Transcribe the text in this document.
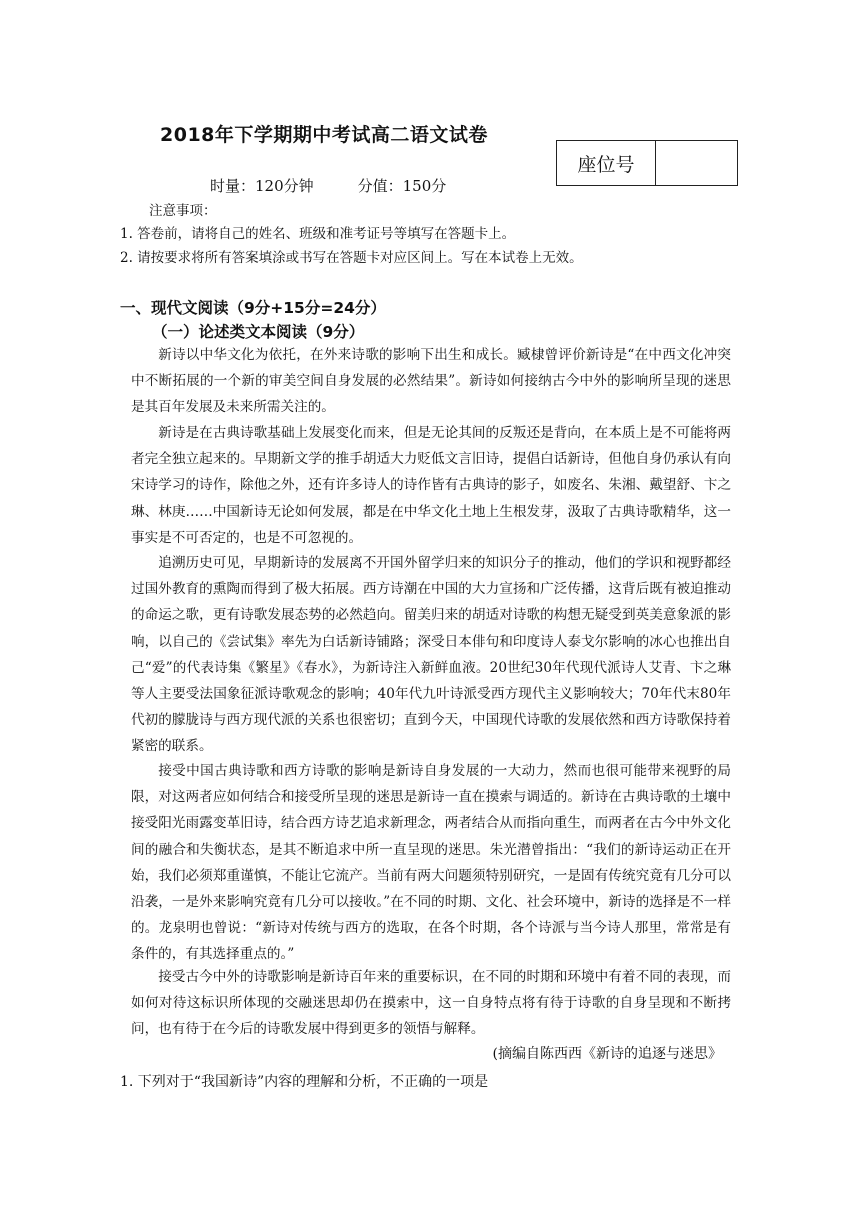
2018年下学期期中考试高二语文试卷
座位号
时量：120分钟	分值：150分
注意事项：
1. 答卷前，请将自己的姓名、班级和准考证号等填写在答题卡上。
2. 请按要求将所有答案填涂或书写在答题卡对应区间上。写在本试卷上无效。
一、现代文阅读（9分+15分=24分）
（一）论述类文本阅读（9分）

新诗以中华文化为依托，在外来诗歌的影响下出生和成长。臧棣曾评价新诗是“在中西文化冲突中不断拓展的一个新的审美空间自身发展的必然结果”。新诗如何接纳古今中外的影响所呈现的迷思是其百年发展及未来所需关注的。

新诗是在古典诗歌基础上发展变化而来，但是无论其间的反叛还是背向，在本质上是不可能将两者完全独立起来的。早期新文学的推手胡适大力贬低文言旧诗，提倡白话新诗，但他自身仍承认有向宋诗学习的诗作，除他之外，还有许多诗人的诗作皆有古典诗的影子，如废名、朱湘、戴望舒、卞之琳、林庚……中国新诗无论如何发展，都是在中华文化土地上生根发芽，汲取了古典诗歌精华，这一事实是不可否定的，也是不可忽视的。

追溯历史可见，早期新诗的发展离不开国外留学归来的知识分子的推动，他们的学识和视野都经过国外教育的熏陶而得到了极大拓展。西方诗潮在中国的大力宣扬和广泛传播，这背后既有被迫推动的命运之歌，更有诗歌发展态势的必然趋向。留美归来的胡适对诗歌的构想无疑受到英美意象派的影响，以自己的《尝试集》率先为白话新诗铺路；深受日本俳句和印度诗人泰戈尔影响的冰心也推出自己“爱”的代表诗集《繁星》《春水》，为新诗注入新鲜血液。20世纪30年代现代派诗人艾青、卞之琳等人主要受法国象征派诗歌观念的影响；40年代九叶诗派受西方现代主义影响较大；70年代末80年代初的朦胧诗与西方现代派的关系也很密切；直到今天，中国现代诗歌的发展依然和西方诗歌保持着紧密的联系。

接受中国古典诗歌和西方诗歌的影响是新诗自身发展的一大动力，然而也很可能带来视野的局限，对这两者应如何结合和接受所呈现的迷思是新诗一直在摸索与调适的。新诗在古典诗歌的土壤中接受阳光雨露变革旧诗，结合西方诗艺追求新理念，两者结合从而指向重生，而两者在古今中外文化间的融合和失衡状态，是其不断追求中所一直呈现的迷思。朱光潜曾指出：“我们的新诗运动正在开始，我们必须郑重谨慎，不能让它流产。当前有两大问题须特别研究，一是固有传统究竟有几分可以沿袭，一是外来影响究竟有几分可以接收。”在不同的时期、文化、社会环境中，新诗的选择是不一样的。龙泉明也曾说：“新诗对传统与西方的选取，在各个时期，各个诗派与当今诗人那里，常常是有条件的，有其选择重点的。”

接受古今中外的诗歌影响是新诗百年来的重要标识，在不同的时期和环境中有着不同的表现，而如何对待这标识所体现的交融迷思却仍在摸索中，这一自身特点将有待于诗歌的自身呈现和不断拷问，也有待于在今后的诗歌发展中得到更多的领悟与解释。

(摘编自陈西西《新诗的追逐与迷思》
1. 下列对于“我国新诗”内容的理解和分析，不正确的一项是
